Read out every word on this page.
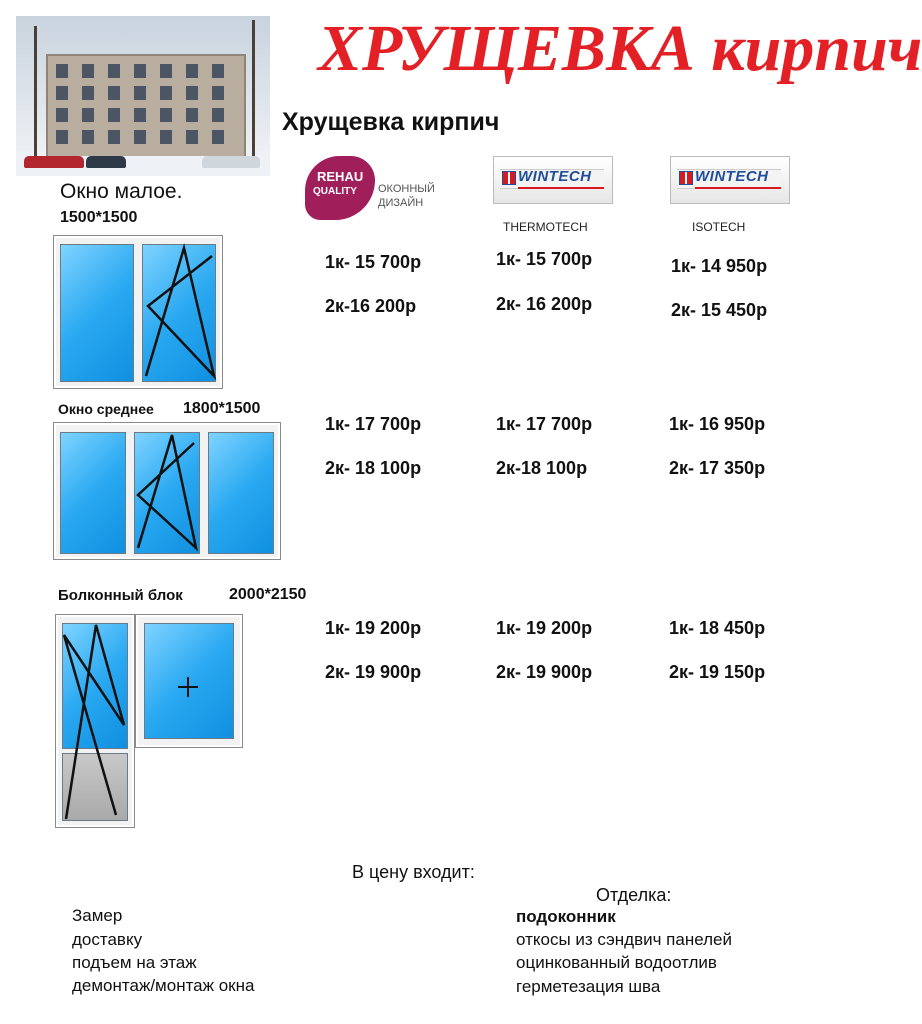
ХРУЩЕВКА кирпич
Хрущевка кирпич
REHAU
QUALITY ОКОННЫЙ ДИЗАЙН
WINTECH
THERMOTECH
WINTECH
ISOTECH
Окно малое.
1500*1500
Окно среднее 1800*1500
Болконный блок	2000*2150
1к- 15 700р
2к-16 200р
1к- 15 700р
2к- 16 200р
1к- 14 950р
2к- 15 450р
1к- 17 700р
2к- 18 100р
1к- 17 700р
2к-18 100р
1к- 16 950р
2к- 17 350р
1к- 19 200р
2к- 19 900р
1к- 19 200р
2к- 19 900р
1к- 18 450р
2к- 19 150р
В цену входит:
Отделка:
Замер
доставку
подъем на этаж
демонтаж/монтаж окна
подоконник
откосы из сэндвич панелей
оцинкованный водоотлив
герметезация шва
